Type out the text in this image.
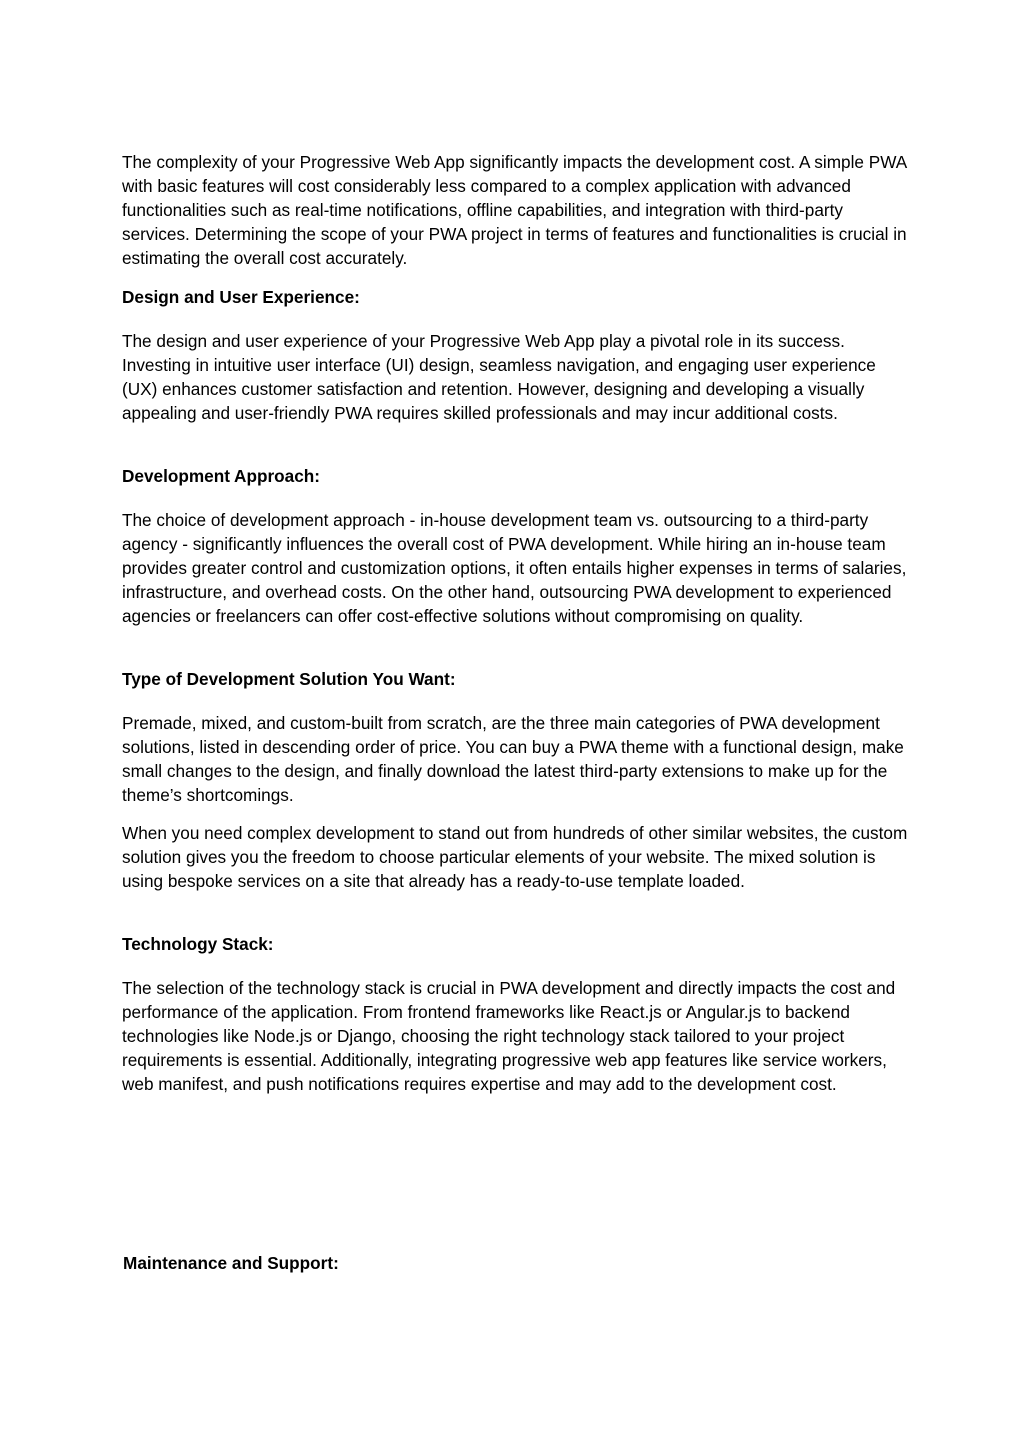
The complexity of your Progressive Web App significantly impacts the development cost. A simple PWA with basic features will cost considerably less compared to a complex application with advanced functionalities such as real-time notifications, offline capabilities, and integration with third-party services. Determining the scope of your PWA project in terms of features and functionalities is crucial in estimating the overall cost accurately.

Design and User Experience:

The design and user experience of your Progressive Web App play a pivotal role in its success. Investing in intuitive user interface (UI) design, seamless navigation, and engaging user experience (UX) enhances customer satisfaction and retention. However, designing and developing a visually appealing and user-friendly PWA requires skilled professionals and may incur additional costs.

Development Approach:

The choice of development approach - in-house development team vs. outsourcing to a third-party agency - significantly influences the overall cost of PWA development. While hiring an in-house team provides greater control and customization options, it often entails higher expenses in terms of salaries, infrastructure, and overhead costs. On the other hand, outsourcing PWA development to experienced agencies or freelancers can offer cost-effective solutions without compromising on quality.

Type of Development Solution You Want:

Premade, mixed, and custom-built from scratch, are the three main categories of PWA development solutions, listed in descending order of price. You can buy a PWA theme with a functional design, make small changes to the design, and finally download the latest third-party extensions to make up for the theme’s shortcomings.

When you need complex development to stand out from hundreds of other similar websites, the custom solution gives you the freedom to choose particular elements of your website. The mixed solution is using bespoke services on a site that already has a ready-to-use template loaded.

Technology Stack:

The selection of the technology stack is crucial in PWA development and directly impacts the cost and performance of the application. From frontend frameworks like React.js or Angular.js to backend technologies like Node.js or Django, choosing the right technology stack tailored to your project requirements is essential. Additionally, integrating progressive web app features like service workers, web manifest, and push notifications requires expertise and may add to the development cost.

Maintenance and Support:
